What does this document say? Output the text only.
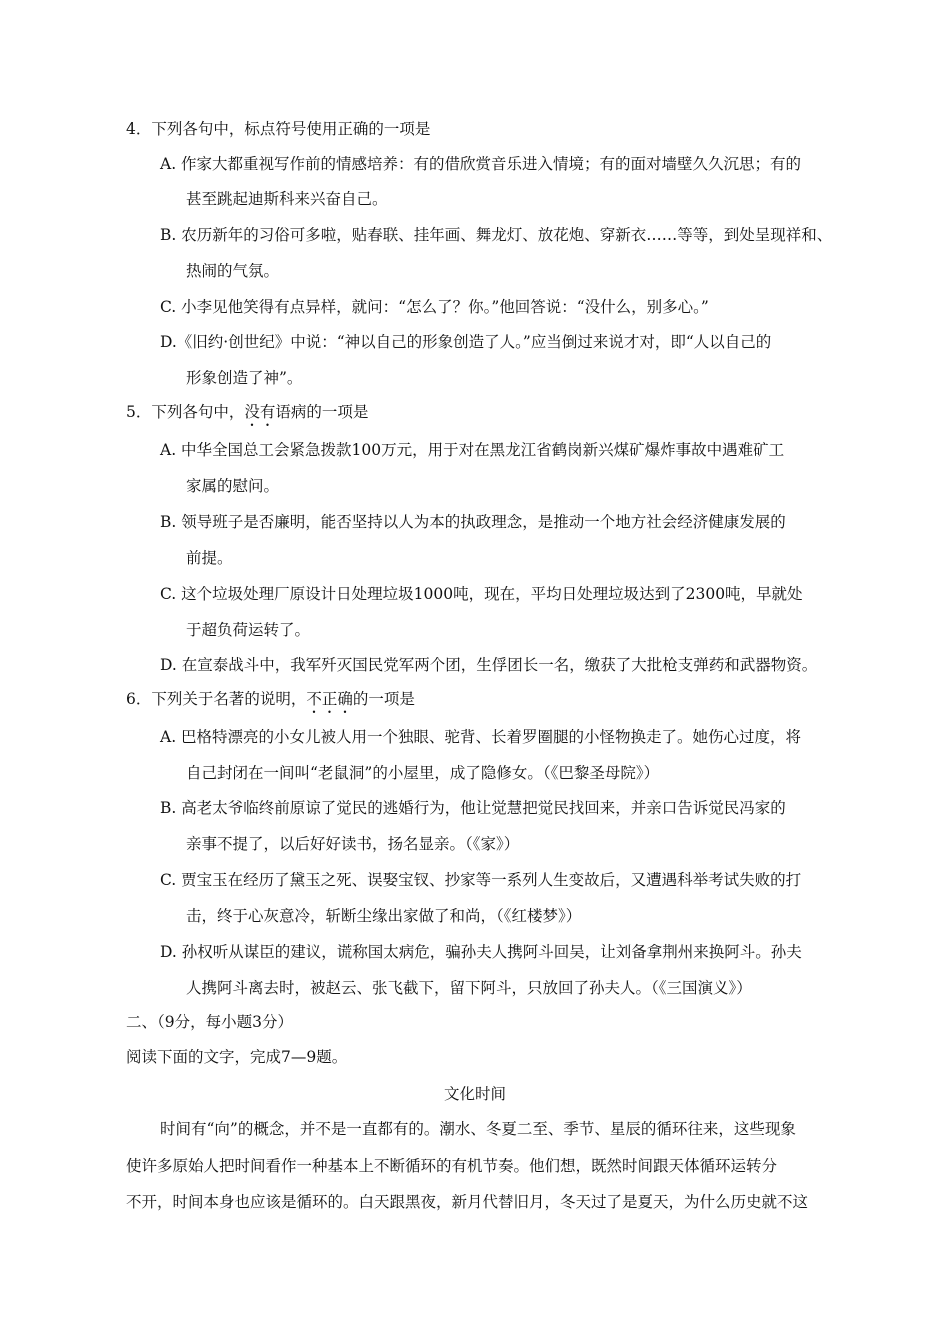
4．下列各句中，标点符号使用正确的一项是
A. 作家大都重视写作前的情感培养：有的借欣赏音乐进入情境；有的面对墙壁久久沉思；有的
甚至跳起迪斯科来兴奋自己。
B. 农历新年的习俗可多啦，贴春联、挂年画、舞龙灯、放花炮、穿新衣……等等，到处呈现祥和、
热闹的气氛。
C. 小李见他笑得有点异样，就问：“怎么了？你。”他回答说：“没什么，别多心。”
D.《旧约·创世纪》中说：“神以自己的形象创造了人。”应当倒过来说才对，即“人以自己的
形象创造了神”。
5．下列各句中，没有语病的一项是
A. 中华全国总工会紧急拨款100万元，用于对在黑龙江省鹤岗新兴煤矿爆炸事故中遇难矿工
家属的慰问。
B. 领导班子是否廉明，能否坚持以人为本的执政理念，是推动一个地方社会经济健康发展的
前提。
C. 这个垃圾处理厂原设计日处理垃圾1000吨，现在，平均日处理垃圾达到了2300吨，早就处
于超负荷运转了。
D. 在宣泰战斗中，我军歼灭国民党军两个团，生俘团长一名，缴获了大批枪支弹药和武器物资。
6．下列关于名著的说明，不正确的一项是
A. 巴格特漂亮的小女儿被人用一个独眼、驼背、长着罗圈腿的小怪物换走了。她伤心过度，将
自己封闭在一间叫“老鼠洞”的小屋里，成了隐修女。（《巴黎圣母院》）
B. 高老太爷临终前原谅了觉民的逃婚行为，他让觉慧把觉民找回来，并亲口告诉觉民冯家的
亲事不提了，以后好好读书，扬名显亲。（《家》）
C. 贾宝玉在经历了黛玉之死、误娶宝钗、抄家等一系列人生变故后，又遭遇科举考试失败的打
击，终于心灰意冷，斩断尘缘出家做了和尚，（《红楼梦》）
D. 孙权听从谋臣的建议，谎称国太病危，骗孙夫人携阿斗回吴，让刘备拿荆州来换阿斗。孙夫
人携阿斗离去时，被赵云、张飞截下，留下阿斗，只放回了孙夫人。（《三国演义》）
二、（9分，每小题3分）
阅读下面的文字，完成7—9题。
文化时间
时间有“向”的概念，并不是一直都有的。潮水、冬夏二至、季节、星辰的循环往来，这些现象
使许多原始人把时间看作一种基本上不断循环的有机节奏。他们想，既然时间跟天体循环运转分
不开，时间本身也应该是循环的。白天跟黑夜，新月代替旧月，冬天过了是夏天，为什么历史就不这
